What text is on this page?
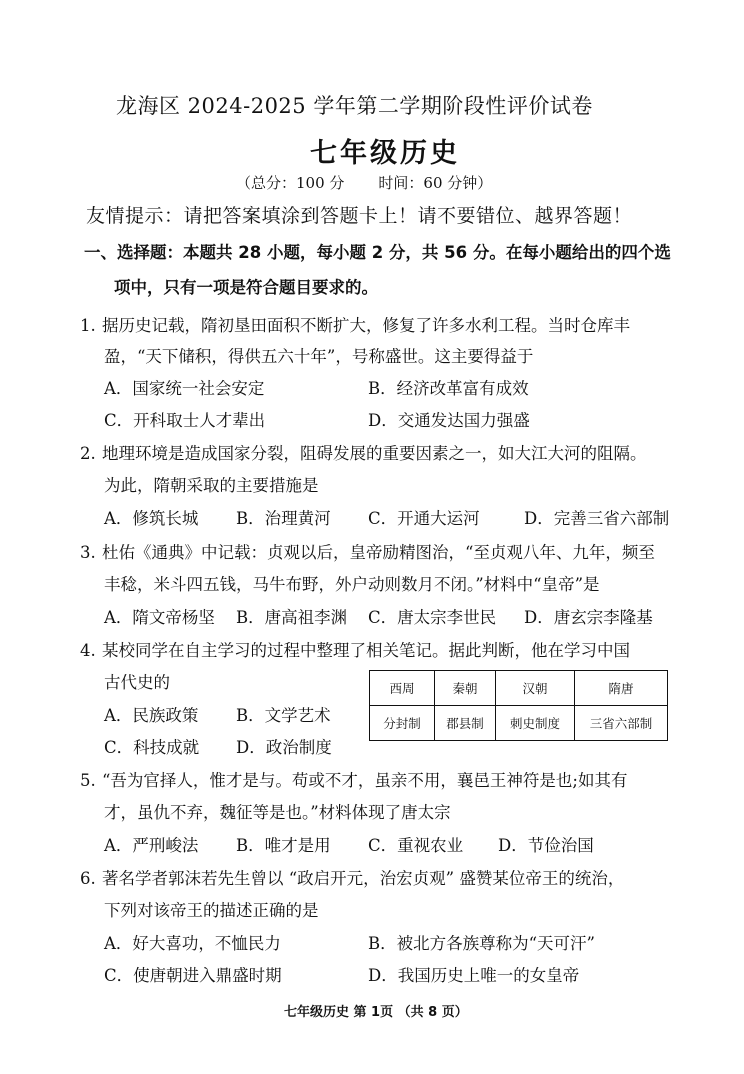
龙海区 2024-2025 学年第二学期阶段性评价试卷
七年级历史
（总分：100 分 时间：60 分钟）
友情提示：请把答案填涂到答题卡上！请不要错位、越界答题！
一、选择题：本题共 28 小题，每小题 2 分，共 56 分。在每小题给出的四个选
项中，只有一项是符合题目要求的。
1. 据历史记载，隋初垦田面积不断扩大，修复了许多水利工程。当时仓库丰
盈，“天下储积，得供五六十年”，号称盛世。这主要得益于
A．国家统一社会安定	B．经济改革富有成效
C．开科取士人才辈出	D．交通发达国力强盛
2. 地理环境是造成国家分裂，阻碍发展的重要因素之一，如大江大河的阻隔。
为此，隋朝采取的主要措施是
A．修筑长城 B．治理黄河 C．开通大运河	D．完善三省六部制
3. 杜佑《通典》中记载：贞观以后，皇帝励精图治，“至贞观八年、九年，频至
丰稔，米斗四五钱，马牛布野，外户动则数月不闭。”材料中“皇帝”是
A．隋文帝杨坚 B．唐高祖李渊 C．唐太宗李世民 D．唐玄宗李隆基
4. 某校同学在自主学习的过程中整理了相关笔记。据此判断，他在学习中国
古代史的
A．民族政策 B．文学艺术
C．科技成就 D．政治制度
西周	秦朝	汉朝	隋唐
分封制	郡县制	刺史制度	三省六部制
5. “吾为官择人，惟才是与。苟或不才，虽亲不用，襄邑王神符是也;如其有
才，虽仇不弃，魏征等是也。”材料体现了唐太宗
A．严刑峻法 B．唯才是用 C．重视农业 D．节俭治国
6. 著名学者郭沫若先生曾以 “政启开元，治宏贞观” 盛赞某位帝王的统治，
下列对该帝王的描述正确的是
A．好大喜功，不恤民力	B．被北方各族尊称为“天可汗”
C．使唐朝进入鼎盛时期	D．我国历史上唯一的女皇帝
七年级历史 第 1页 （共 8 页）
